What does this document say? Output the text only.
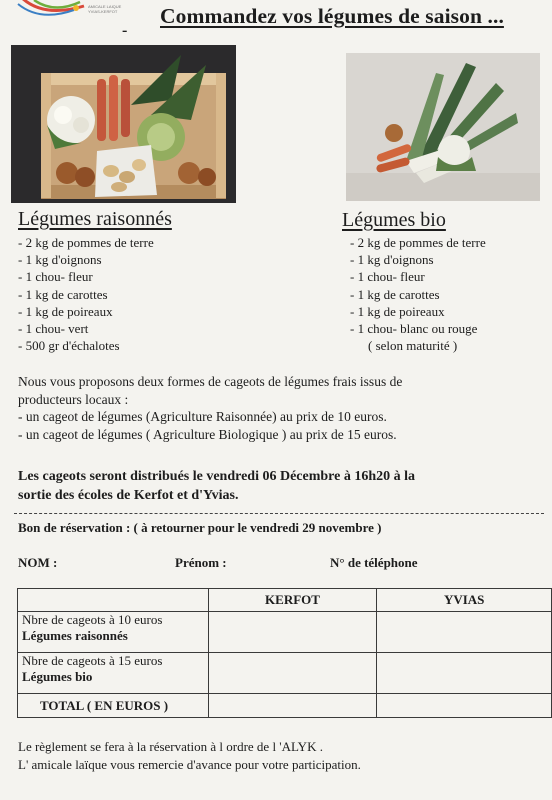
AMICALE LAIQUE
YVIAS-KERFOT
-
Commandez vos légumes de saison ...
Légumes raisonnés
- 2 kg de pommes de terre
- 1 kg d'oignons
- 1 chou- fleur
- 1 kg de carottes
- 1 kg de poireaux
- 1 chou- vert
- 500 gr d'échalotes
Légumes bio
- 2 kg de pommes de terre
- 1 kg d'oignons
- 1 chou- fleur
- 1 kg de carottes
- 1 kg de poireaux
- 1 chou- blanc ou rouge
( selon maturité )
Nous vous proposons deux formes de cageots de légumes frais issus de
producteurs locaux :
- un cageot de légumes (Agriculture Raisonnée) au prix de 10 euros.
- un cageot de légumes ( Agriculture Biologique ) au prix de 15 euros.
Les cageots seront distribués le vendredi 06 Décembre à 16h20 à la
sortie des écoles de Kerfot et d'Yvias.
Bon de réservation : ( à retourner pour le vendredi 29 novembre )
NOM :	Prénom :	N° de téléphone
	KERFOT	YVIAS

Nbre de cageots à 10 euros
Légumes raisonnés		

Nbre de cageots à 15 euros
Légumes bio		

TOTAL ( EN EUROS )		
Le règlement se fera à la réservation à l ordre de l 'ALYK .
L' amicale laïque vous remercie d'avance pour votre participation.
